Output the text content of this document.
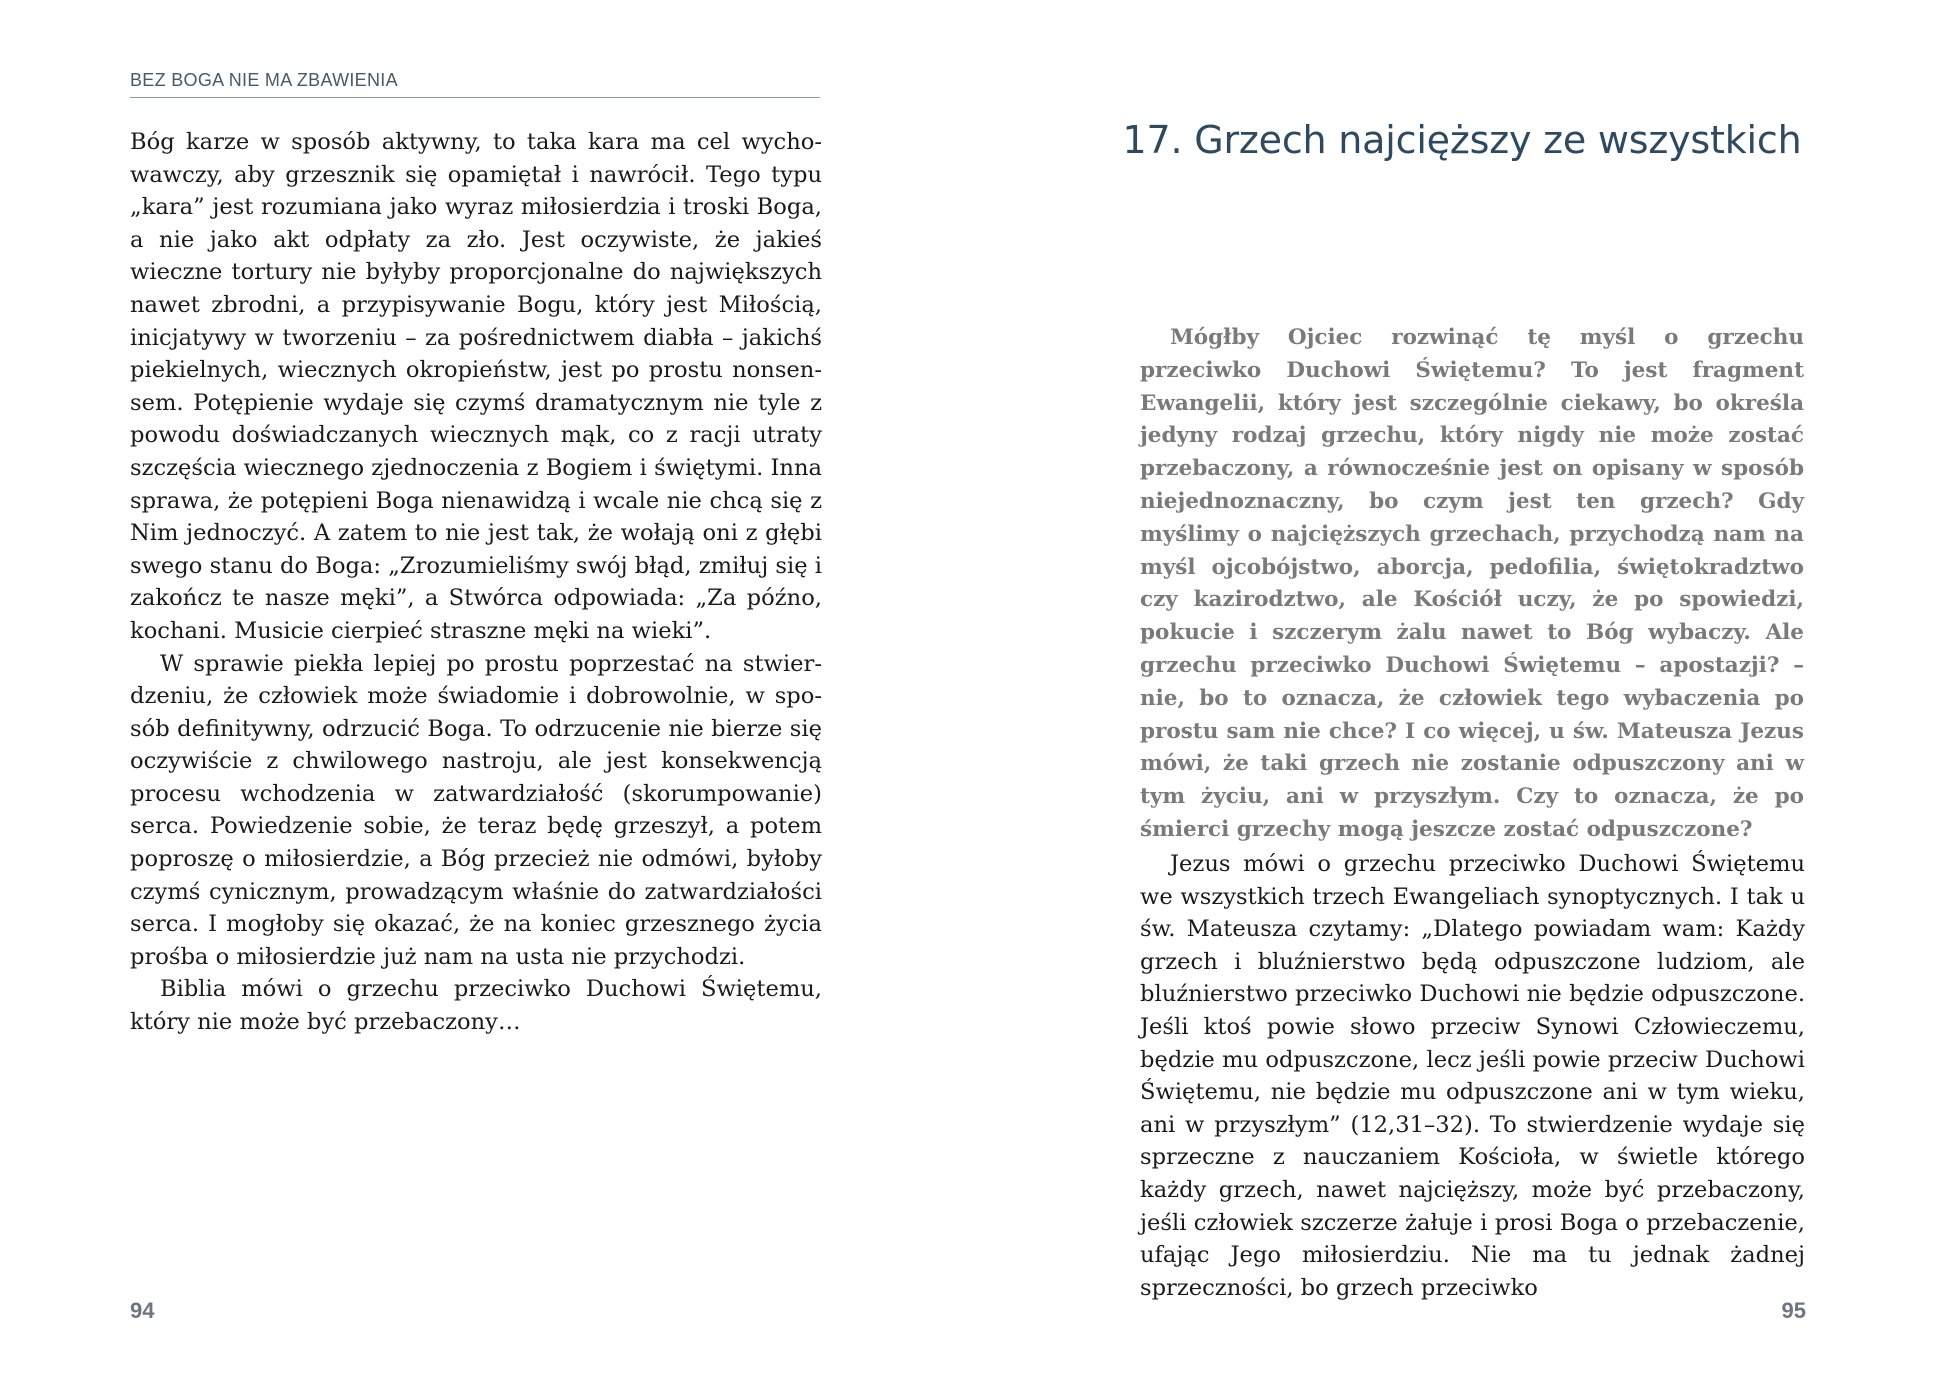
BEZ BOGA NIE MA ZBAWIENIA

Bóg karze w sposób aktywny, to taka kara ma cel wychowawczy, aby grzesznik się opamiętał i nawrócił. Tego typu „kara” jest rozumiana jako wyraz miłosierdzia i troski Boga, a nie jako akt odpłaty za zło. Jest oczywiste, że jakieś wieczne tortury nie byłyby proporcjonalne do największych nawet zbrodni, a przypisywanie Bogu, który jest Miłością, inicjatywy w tworzeniu – za pośrednictwem diabła – jakichś piekielnych, wiecznych okropieństw, jest po prostu nonsensem. Potępienie wydaje się czymś dramatycznym nie tyle z powodu doświadczanych wiecznych mąk, co z racji utraty szczęścia wiecznego zjednoczenia z Bogiem i świętymi. Inna sprawa, że potępieni Boga nienawidzą i wcale nie chcą się z Nim jednoczyć. A zatem to nie jest tak, że wołają oni z głębi swego stanu do Boga: „Zrozumieliśmy swój błąd, zmiłuj się i zakończ te nasze męki”, a Stwórca odpowiada: „Za późno, kochani. Musicie cierpieć straszne męki na wieki”.

W sprawie piekła lepiej po prostu poprzestać na stwierdzeniu, że człowiek może świadomie i dobrowolnie, w sposób definitywny, odrzucić Boga. To odrzucenie nie bierze się oczywiście z chwilowego nastroju, ale jest konsekwencją procesu wchodzenia w zatwardziałość (skorumpowanie) serca. Powiedzenie sobie, że teraz będę grzeszył, a potem poproszę o miłosierdzie, a Bóg przecież nie odmówi, byłoby czymś cynicznym, prowadzącym właśnie do zatwardziałości serca. I mogłoby się okazać, że na koniec grzesznego życia prośba o miłosierdzie już nam na usta nie przychodzi.

Biblia mówi o grzechu przeciwko Duchowi Świętemu, który nie może być przebaczony…

94
17. Grzech najcięższy ze wszystkich

Mógłby Ojciec rozwinąć tę myśl o grzechu przeciwko Duchowi Świętemu? To jest fragment Ewangelii, który jest szczególnie ciekawy, bo określa jedyny rodzaj grzechu, który nigdy nie może zostać przebaczony, a równocześnie jest on opisany w sposób niejednoznaczny, bo czym jest ten grzech? Gdy myślimy o najcięższych grzechach, przychodzą nam na myśl ojcobójstwo, aborcja, pedofilia, świętokradztwo czy kazirodztwo, ale Kościół uczy, że po spowiedzi, pokucie i szczerym żalu nawet to Bóg wybaczy. Ale grzechu przeciwko Duchowi Świętemu – apostazji? – nie, bo to oznacza, że człowiek tego wybaczenia po prostu sam nie chce? I co więcej, u św. Mateusza Jezus mówi, że taki grzech nie zostanie odpuszczony ani w tym życiu, ani w przyszłym. Czy to oznacza, że po śmierci grzechy mogą jeszcze zostać odpuszczone?

Jezus mówi o grzechu przeciwko Duchowi Świętemu we wszystkich trzech Ewangeliach synoptycznych. I tak u św. Mateusza czytamy: „Dlatego powiadam wam: Każdy grzech i bluźnierstwo będą odpuszczone ludziom, ale bluźnierstwo przeciwko Duchowi nie będzie odpuszczone. Jeśli ktoś powie słowo przeciw Synowi Człowieczemu, będzie mu odpuszczone, lecz jeśli powie przeciw Duchowi Świętemu, nie będzie mu odpuszczone ani w tym wieku, ani w przyszłym” (12,31–32). To stwierdzenie wydaje się sprzeczne z nauczaniem Kościoła, w świetle którego każdy grzech, nawet najcięższy, może być przebaczony, jeśli człowiek szczerze żałuje i prosi Boga o przebaczenie, ufając Jego miłosierdziu. Nie ma tu jednak żadnej sprzeczności, bo grzech przeciwko

95
